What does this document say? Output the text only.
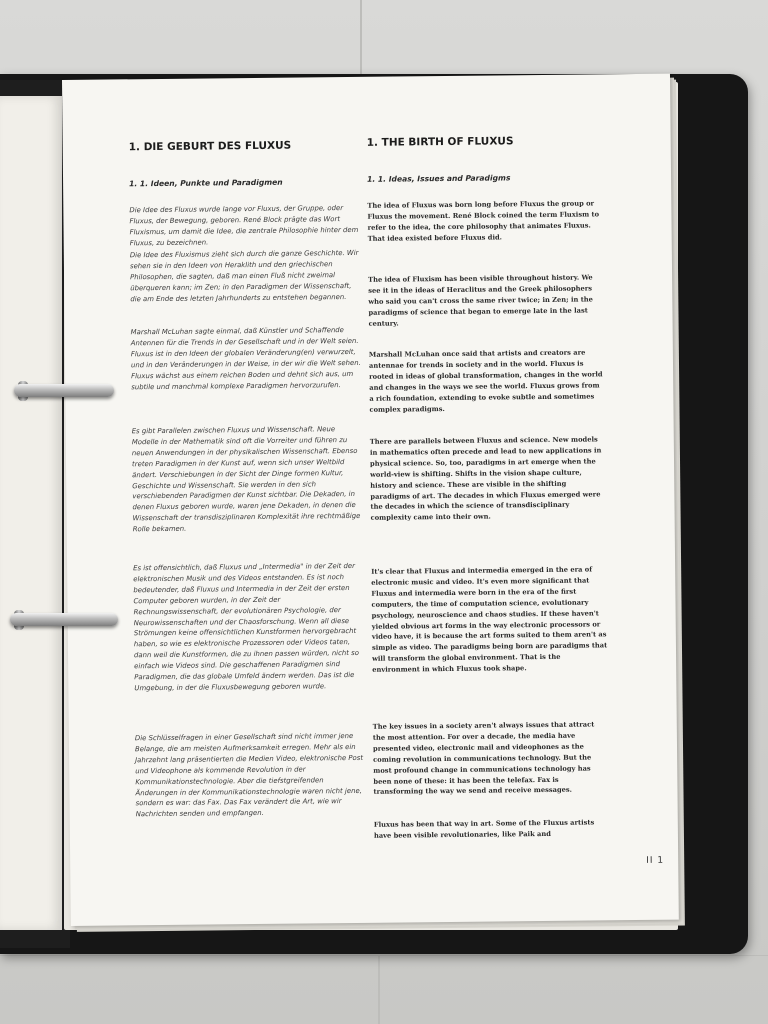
1. DIE GEBURT DES FLUXUS
1. 1. Ideen, Punkte und Paradigmen

Die Idee des Fluxus wurde lange vor Fluxus, der Gruppe, oder Fluxus, der Bewegung, geboren. René Block prägte das Wort Fluxismus, um damit die Idee, die zentrale Philosophie hinter dem Fluxus, zu bezeichnen.

Die Idee des Fluxismus zieht sich durch die ganze Geschichte. Wir sehen sie in den Ideen von Heraklith und den griechischen Philosophen, die sagten, daß man einen Fluß nicht zweimal überqueren kann; im Zen; in den Paradigmen der Wissenschaft, die am Ende des letzten Jahrhunderts zu entstehen begannen.

Marshall McLuhan sagte einmal, daß Künstler und Schaffende Antennen für die Trends in der Gesellschaft und in der Welt seien. Fluxus ist in den Ideen der globalen Veränderung(en) verwurzelt, und in den Veränderungen in der Weise, in der wir die Welt sehen. Fluxus wächst aus einem reichen Boden und dehnt sich aus, um subtile und manchmal komplexe Paradigmen hervorzurufen.

Es gibt Parallelen zwischen Fluxus und Wissenschaft. Neue Modelle in der Mathematik sind oft die Vorreiter und führen zu neuen Anwendungen in der physikalischen Wissenschaft. Ebenso treten Paradigmen in der Kunst auf, wenn sich unser Weltbild ändert. Verschiebungen in der Sicht der Dinge formen Kultur, Geschichte und Wissenschaft. Sie werden in den sich verschiebenden Paradigmen der Kunst sichtbar. Die Dekaden, in denen Fluxus geboren wurde, waren jene Dekaden, in denen die Wissenschaft der transdisziplinaren Komplexität ihre rechtmäßige Rolle bekamen.

Es ist offensichtlich, daß Fluxus und „Intermedia" in der Zeit der elektronischen Musik und des Videos entstanden. Es ist noch bedeutender, daß Fluxus und Intermedia in der Zeit der ersten Computer geboren wurden, in der Zeit der Rechnungswissenschaft, der evolutionären Psychologie, der Neurowissenschaften und der Chaosforschung. Wenn all diese Strömungen keine offensichtlichen Kunstformen hervorgebracht haben, so wie es elektronische Prozessoren oder Videos taten, dann weil die Kunstformen, die zu ihnen passen würden, nicht so einfach wie Videos sind. Die geschaffenen Paradigmen sind Paradigmen, die das globale Umfeld ändern werden. Das ist die Umgebung, in der die Fluxusbewegung geboren wurde.

Die Schlüsselfragen in einer Gesellschaft sind nicht immer jene Belange, die am meisten Aufmerksamkeit erregen. Mehr als ein Jahrzehnt lang präsentierten die Medien Video, elektronische Post und Videophone als kommende Revolution in der Kommunikationstechnologie. Aber die tiefstgreifenden Änderungen in der Kommunikationstechnologie waren nicht jene, sondern es war: das Fax. Das Fax verändert die Art, wie wir Nachrichten senden und empfangen.

1. THE BIRTH OF FLUXUS
1. 1. Ideas, Issues and Paradigms

The idea of Fluxus was born long before Fluxus the group or Fluxus the movement. René Block coined the term Fluxism to refer to the idea, the core philosophy that animates Fluxus. That idea existed before Fluxus did.

The idea of Fluxism has been visible throughout history. We see it in the ideas of Heraclitus and the Greek philosophers who said you can't cross the same river twice; in Zen; in the paradigms of science that began to emerge late in the last century.

Marshall McLuhan once said that artists and creators are antennae for trends in society and in the world. Fluxus is rooted in ideas of global transformation, changes in the world and changes in the ways we see the world. Fluxus grows from a rich foundation, extending to evoke subtle and sometimes complex paradigms.

There are parallels between Fluxus and science. New models in mathematics often precede and lead to new applications in physical science. So, too, paradigms in art emerge when the world-view is shifting. Shifts in the vision shape culture, history and science. These are visible in the shifting paradigms of art. The decades in which Fluxus emerged were the decades in which the science of transdisciplinary complexity came into their own.

It's clear that Fluxus and intermedia emerged in the era of electronic music and video. It's even more significant that Fluxus and intermedia were born in the era of the first computers, the time of computation science, evolutionary psychology, neuroscience and chaos studies. If these haven't yielded obvious art forms in the way electronic processors or video have, it is because the art forms suited to them aren't as simple as video. The paradigms being born are paradigms that will transform the global environment. That is the environment in which Fluxus took shape.

The key issues in a society aren't always issues that attract the most attention. For over a decade, the media have presented video, electronic mail and videophones as the coming revolution in communications technology. But the most profound change in communications technology has been none of these: it has been the telefax. Fax is transforming the way we send and receive messages.

Fluxus has been that way in art. Some of the Fluxus artists have been visible revolutionaries, like Paik and

II 1
